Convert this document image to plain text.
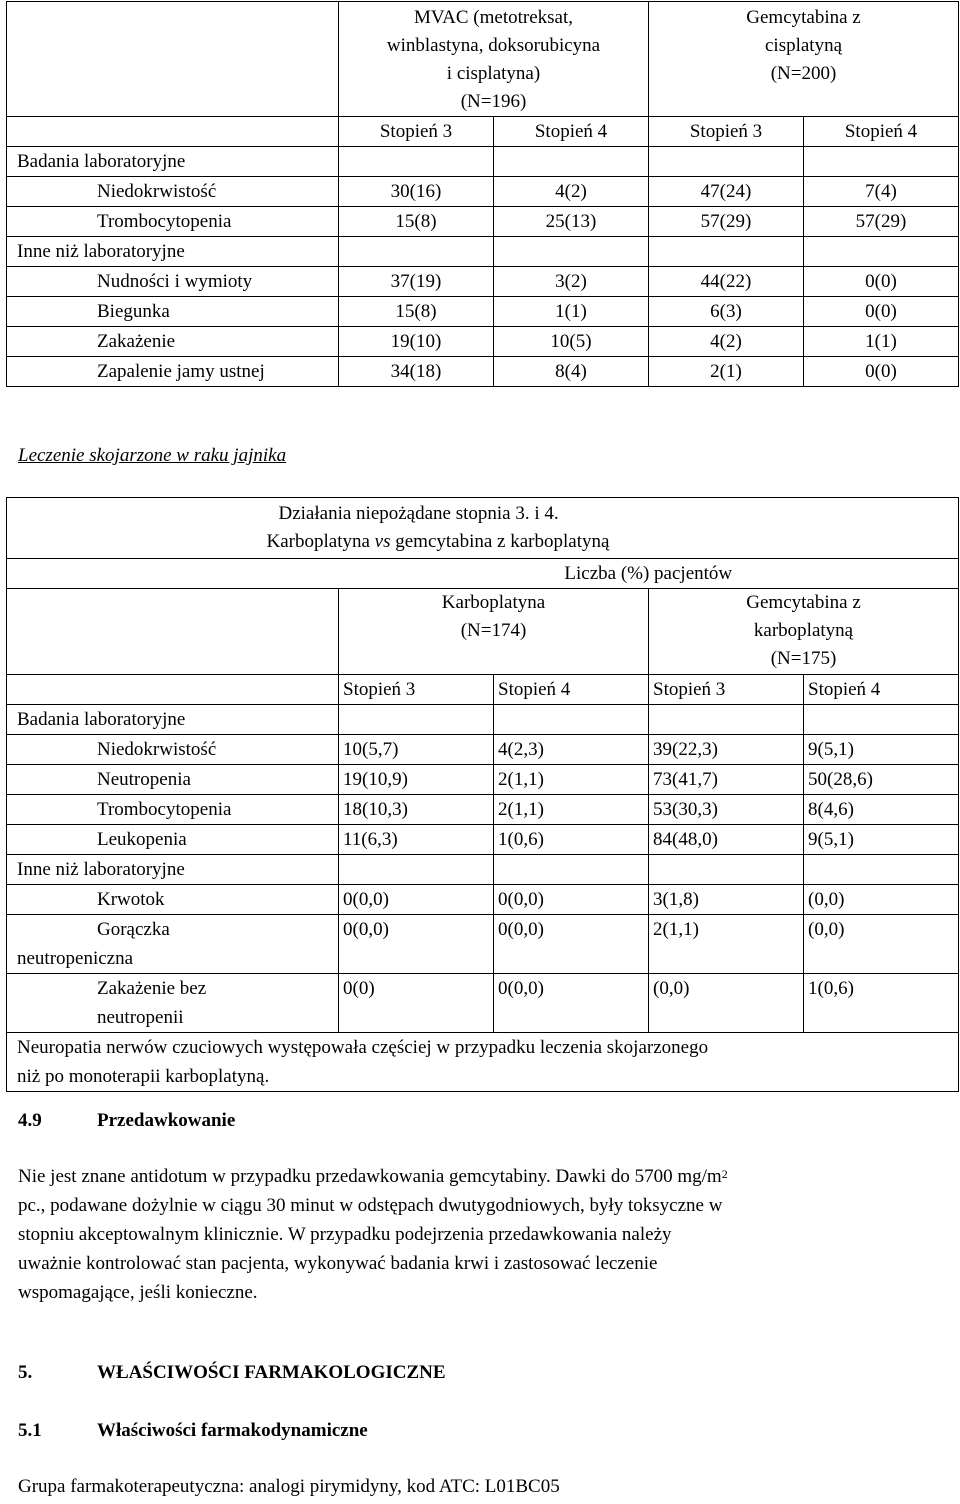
	MVAC (metotreksat,
winblastyna, doksorubicyna
i cisplatyna)
(N=196)		Gemcytabina z
cisplatyną
(N=200)	

	Stopień 3	Stopień 4	Stopień 3	Stopień 4
Badania laboratoryjne				
Niedokrwistość	30(16)	4(2)	47(24)	7(4)
Trombocytopenia	15(8)	25(13)	57(29)	57(29)
Inne niż laboratoryjne				
Nudności i wymioty	37(19)	3(2)	44(22)	0(0)
Biegunka	15(8)	1(1)	6(3)	0(0)
Zakażenie	19(10)	10(5)	4(2)	1(1)
Zapalenie jamy ustnej	34(18)	8(4)	2(1)	0(0)
Leczenie skojarzone w raku jajnika

	Działania niepożądane stopnia 3. i 4.
Karboplatyna vs gemcytabina z karboplatyną			

	Liczba (%) pacjentów			

	Karboplatyna
(N=174)		Gemcytabina z
karboplatyną
(N=175)	

	Stopień 3	Stopień 4	Stopień 3	Stopień 4
Badania laboratoryjne				
Niedokrwistość	10(5,7)	4(2,3)	39(22,3)	9(5,1)
Neutropenia	19(10,9)	2(1,1)	73(41,7)	50(28,6)
Trombocytopenia	18(10,3)	2(1,1)	53(30,3)	8(4,6)
Leukopenia	11(6,3)	1(0,6)	84(48,0)	9(5,1)
Inne niż laboratoryjne				
Krwotok	0(0,0)	0(0,0)	3(1,8)	(0,0)

Gorączka
neutropeniczna	0(0,0)	0(0,0)	2(1,1)	(0,0)

Zakażenie bez
neutropenii	0(0)	0(0,0)	(0,0)	1(0,6)

Neuropatia nerwów czuciowych występowała częściej w przypadku leczenia skojarzonego
niż po monoterapii karboplatyną.				
4.9	Przedawkowanie
Nie jest znane antidotum w przypadku przedawkowania gemcytabiny. Dawki do 5700 $mg/m^2$
pc., podawane dożylnie w ciągu 30 minut w odstępach dwutygodniowych, były toksyczne w
stopniu akceptowalnym klinicznie. W przypadku podejrzenia przedawkowania należy
uważnie kontrolować stan pacjenta, wykonywać badania krwi i zastosować leczenie
wspomagające, jeśli konieczne.
5.	WŁAŚCIWOŚCI FARMAKOLOGICZNE
5.1	Właściwości farmakodynamiczne
Grupa farmakoterapeutyczna: analogi pirymidyny, kod ATC: L01BC05
